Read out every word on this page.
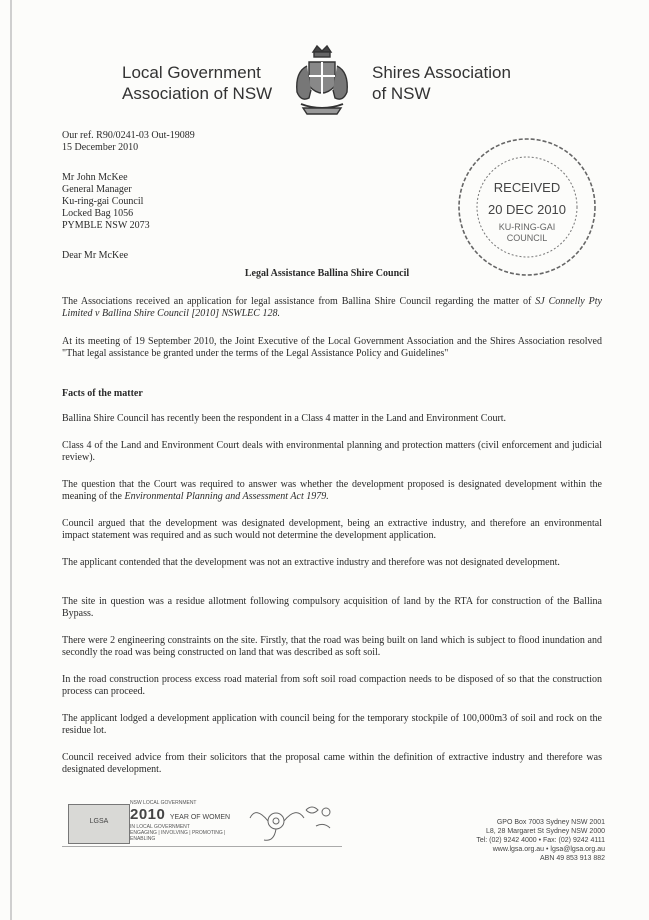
Local Government
Association of NSW
Shires Association
of NSW
Our ref. R90/0241-03 Out-19089
15 December 2010
Mr John McKee
General Manager
Ku-ring-gai Council
Locked Bag 1056
PYMBLE NSW 2073
Dear Mr McKee
RECEIVED
20 DEC 2010
KU-RING-GAI
COUNCIL
Legal Assistance Ballina Shire Council
The Associations received an application for legal assistance from Ballina Shire Council regarding the matter of SJ Connelly Pty Limited v Ballina Shire Council [2010] NSWLEC 128.
At its meeting of 19 September 2010, the Joint Executive of the Local Government Association and the Shires Association resolved "That legal assistance be granted under the terms of the Legal Assistance Policy and Guidelines"
Facts of the matter
Ballina Shire Council has recently been the respondent in a Class 4 matter in the Land and Environment Court.
Class 4 of the Land and Environment Court deals with environmental planning and protection matters (civil enforcement and judicial review).
The question that the Court was required to answer was whether the development proposed is designated development within the meaning of the Environmental Planning and Assessment Act 1979.
Council argued that the development was designated development, being an extractive industry, and therefore an environmental impact statement was required and as such would not determine the development application.
The applicant contended that the development was not an extractive industry and therefore was not designated development.
The site in question was a residue allotment following compulsory acquisition of land by the RTA for construction of the Ballina Bypass.
There were 2 engineering constraints on the site. Firstly, that the road was being built on land which is subject to flood inundation and secondly the road was being constructed on land that was described as soft soil.
In the road construction process excess road material from soft soil road compaction needs to be disposed of so that the construction process can proceed.
The applicant lodged a development application with council being for the temporary stockpile of 100,000m3 of soil and rock on the residue lot.
Council received advice from their solicitors that the proposal came within the definition of extractive industry and therefore was designated development.
LGSA
NSW LOCAL GOVERNMENT
2010 YEAR OF WOMEN
IN LOCAL GOVERNMENT
ENGAGING | INVOLVING | PROMOTING | ENABLING
GPO Box 7003 Sydney NSW 2001
L8, 28 Margaret St Sydney NSW 2000
Tel: (02) 9242 4000 • Fax: (02) 9242 4111
www.lgsa.org.au • lgsa@lgsa.org.au
ABN 49 853 913 882
